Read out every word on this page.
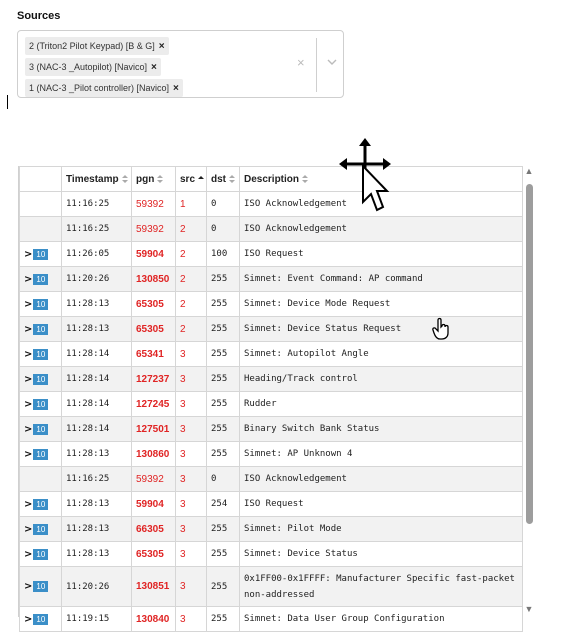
Sources
2 (Triton2 Pilot Keypad) [B & G] ×
3 (NAC-3 _Autopilot) [Navico] ×
1 (NAC-3 _Pilot controller) [Navico] ×
×
	Timestamp	pgn	src	dst	Description
	11:16:25	59392	1	0	ISO Acknowledgement
	11:16:25	59392	2	0	ISO Acknowledgement

> 10	11:26:05	59904	2	100	ISO Request

> 10	11:20:26	130850	2	255	Simnet: Event Command: AP command

> 10	11:28:13	65305	2	255	Simnet: Device Mode Request

> 10	11:28:13	65305	2	255	Simnet: Device Status Request

> 10	11:28:14	65341	3	255	Simnet: Autopilot Angle

> 10	11:28:14	127237	3	255	Heading/Track control

> 10	11:28:14	127245	3	255	Rudder

> 10	11:28:14	127501	3	255	Binary Switch Bank Status

> 10	11:28:13	130860	3	255	Simnet: AP Unknown 4
	11:16:25	59392	3	0	ISO Acknowledgement

> 10	11:28:13	59904	3	254	ISO Request

> 10	11:28:13	66305	3	255	Simnet: Pilot Mode

> 10	11:28:13	65305	3	255	Simnet: Device Status

> 10	11:20:26	130851	3	255	0x1FF00-0x1FFFF: Manufacturer Specific fast-packet non-addressed

> 10	11:19:15	130840	3	255	Simnet: Data User Group Configuration
▲
▼
